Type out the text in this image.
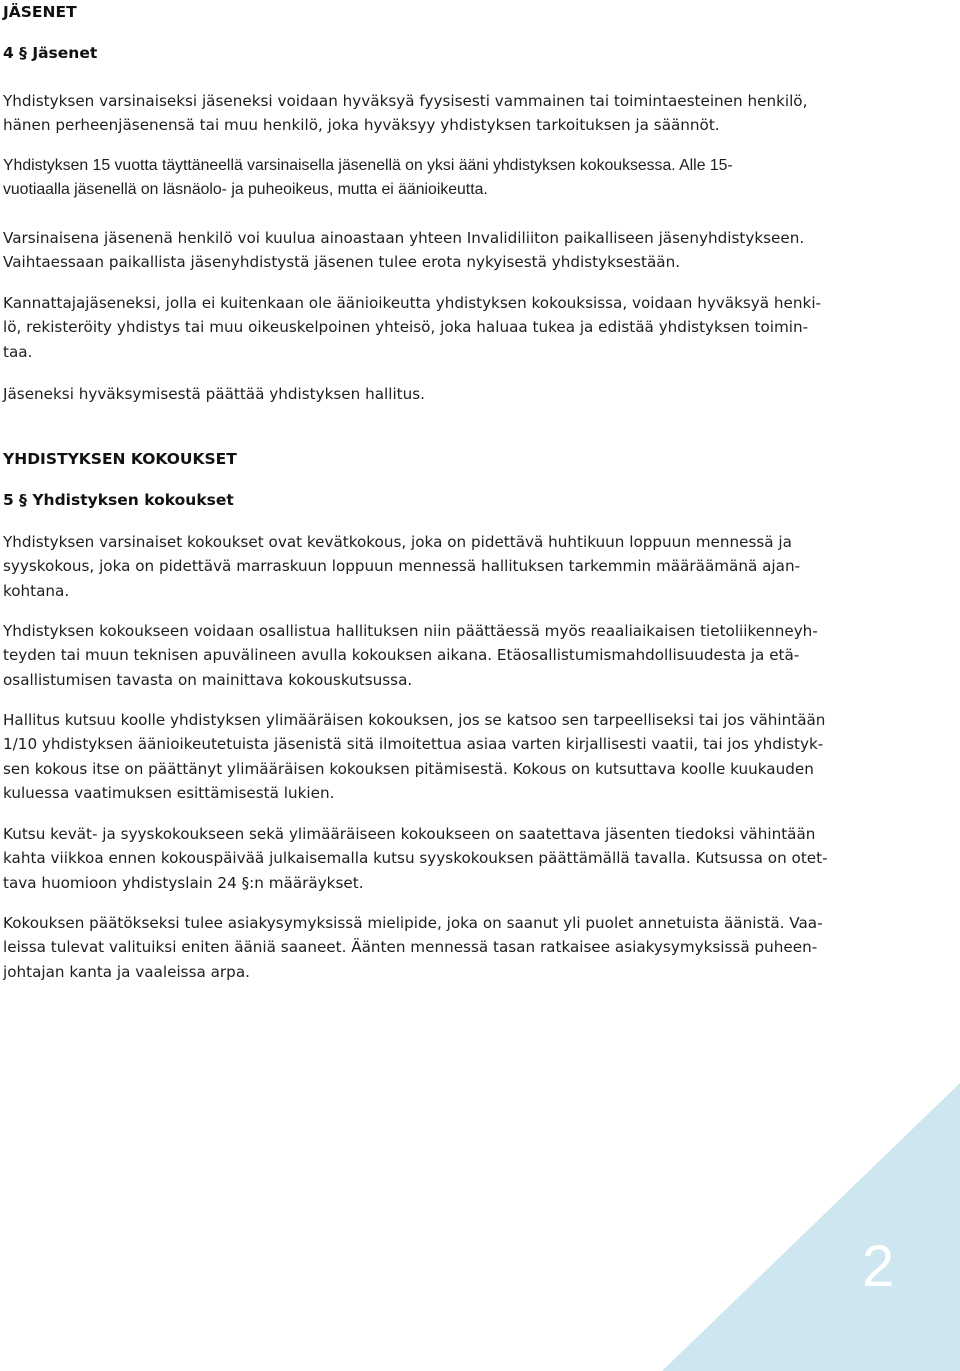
JÄSENET
4 § Jäsenet

Yhdistyksen varsinaiseksi jäseneksi voidaan hyväksyä fyysisesti vammainen tai toimintaesteinen henkilö,
hänen perheenjäsenensä tai muu henkilö, joka hyväksyy yhdistyksen tarkoituksen ja säännöt.

Yhdistyksen 15 vuotta täyttäneellä varsinaisella jäsenellä on yksi ääni yhdistyksen kokouksessa. Alle 15-
vuotiaalla jäsenellä on läsnäolo- ja puheoikeus, mutta ei äänioikeutta.

Varsinaisena jäsenenä henkilö voi kuulua ainoastaan yhteen Invalidiliiton paikalliseen jäsenyhdistykseen.
Vaihtaessaan paikallista jäsenyhdistystä jäsenen tulee erota nykyisestä yhdistyksestään.

Kannattajajäseneksi, jolla ei kuitenkaan ole äänioikeutta yhdistyksen kokouksissa, voidaan hyväksyä henki-
lö, rekisteröity yhdistys tai muu oikeuskelpoinen yhteisö, joka haluaa tukea ja edistää yhdistyksen toimin-
taa.

Jäseneksi hyväksymisestä päättää yhdistyksen hallitus.

YHDISTYKSEN KOKOUKSET
5 § Yhdistyksen kokoukset

Yhdistyksen varsinaiset kokoukset ovat kevätkokous, joka on pidettävä huhtikuun loppuun mennessä ja
syyskokous, joka on pidettävä marraskuun loppuun mennessä hallituksen tarkemmin määräämänä ajan-
kohtana.

Yhdistyksen kokoukseen voidaan osallistua hallituksen niin päättäessä myös reaaliaikaisen tietoliikenneyh-
teyden tai muun teknisen apuvälineen avulla kokouksen aikana. Etäosallistumismahdollisuudesta ja etä-
osallistumisen tavasta on mainittava kokouskutsussa.

Hallitus kutsuu koolle yhdistyksen ylimääräisen kokouksen, jos se katsoo sen tarpeelliseksi tai jos vähintään
1/10 yhdistyksen äänioikeutetuista jäsenistä sitä ilmoitettua asiaa varten kirjallisesti vaatii, tai jos yhdistyk-
sen kokous itse on päättänyt ylimääräisen kokouksen pitämisestä. Kokous on kutsuttava koolle kuukauden
kuluessa vaatimuksen esittämisestä lukien.

Kutsu kevät- ja syyskokoukseen sekä ylimääräiseen kokoukseen on saatettava jäsenten tiedoksi vähintään
kahta viikkoa ennen kokouspäivää julkaisemalla kutsu syyskokouksen päättämällä tavalla. Kutsussa on otet-
tava huomioon yhdistyslain 24 §:n määräykset.

Kokouksen päätökseksi tulee asiakysymyksissä mielipide, joka on saanut yli puolet annetuista äänistä. Vaa-
leissa tulevat valituiksi eniten ääniä saaneet. Äänten mennessä tasan ratkaisee asiakysymyksissä puheen-
johtajan kanta ja vaaleissa arpa.

2
